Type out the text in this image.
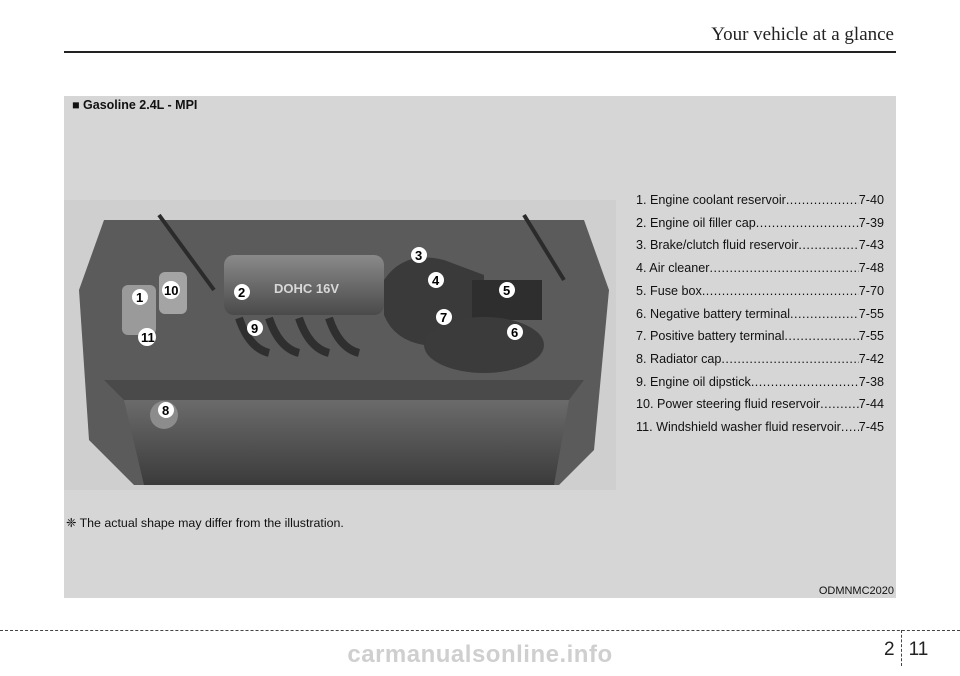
Your vehicle at a glance
■ Gasoline 2.4L - MPI
DOHC 16V
1	2
3
4
5
6
7
8
9
10
11
1. Engine coolant reservoir .....	7-40
2. Engine oil filler cap .....	7-39
3. Brake/clutch fluid reservoir .....	7-43
4. Air cleaner .....	7-48
5. Fuse box .....	7-70
6. Negative battery terminal .....	7-55
7. Positive battery terminal .....	7-55
8. Radiator cap .....	7-42
9. Engine oil dipstick .....	7-38
10. Power steering fluid reservoir .....	7-44
11. Windshield washer fluid reservoir ..... 7-45
❈ The actual shape may differ from the illustration.
ODMNMC2020
2 11
carmanualsonline.info
